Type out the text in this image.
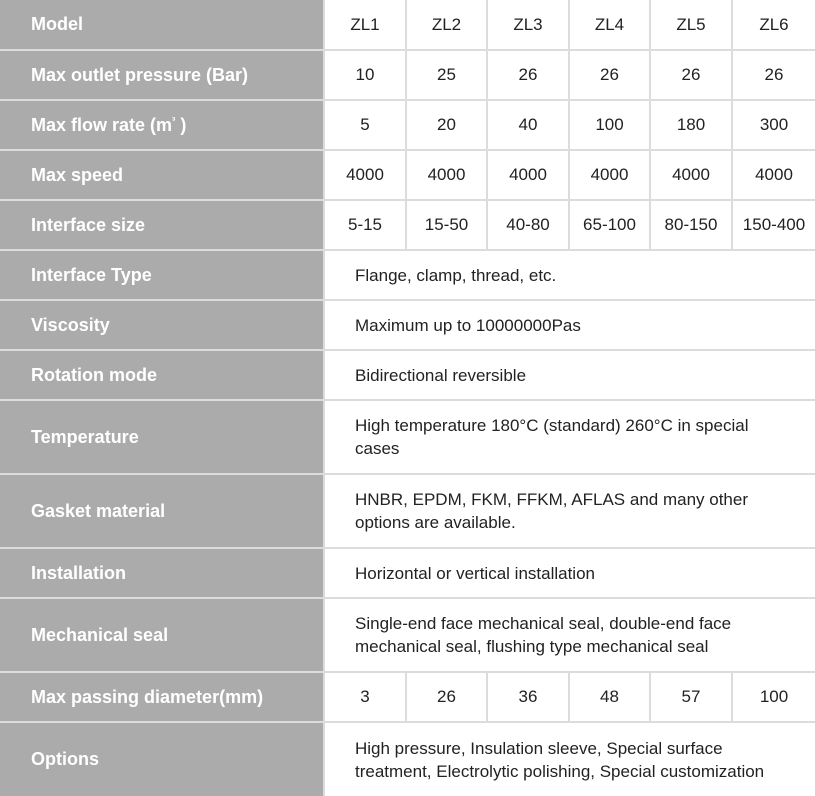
Model	ZL1	ZL2	ZL3	ZL4	ZL5	ZL6
Max outlet pressure (Bar)	10	25	26	26	26	26
Max flow rate ($m^{^3}$ )	5	20	40	100	180	300
Max speed	4000	4000	4000	4000	4000	4000
Interface size	5-15	15-50	40-80	65-100	80-150	150-400
Interface Type	Flange, clamp, thread, etc.					
Viscosity	Maximum up to 10000000Pas					
Rotation mode	Bidirectional reversible					
Temperature	High temperature 180°C (standard) 260°C in special cases					
Gasket material	HNBR, EPDM, FKM, FFKM, AFLAS and many other options are available.					
Installation	Horizontal or vertical installation					
Mechanical seal	Single-end face mechanical seal, double-end face mechanical seal, flushing type mechanical seal					
Max passing diameter(mm)	3	26	36	48	57	100
Options	High pressure, Insulation sleeve, Special surface treatment, Electrolytic polishing, Special customization					
